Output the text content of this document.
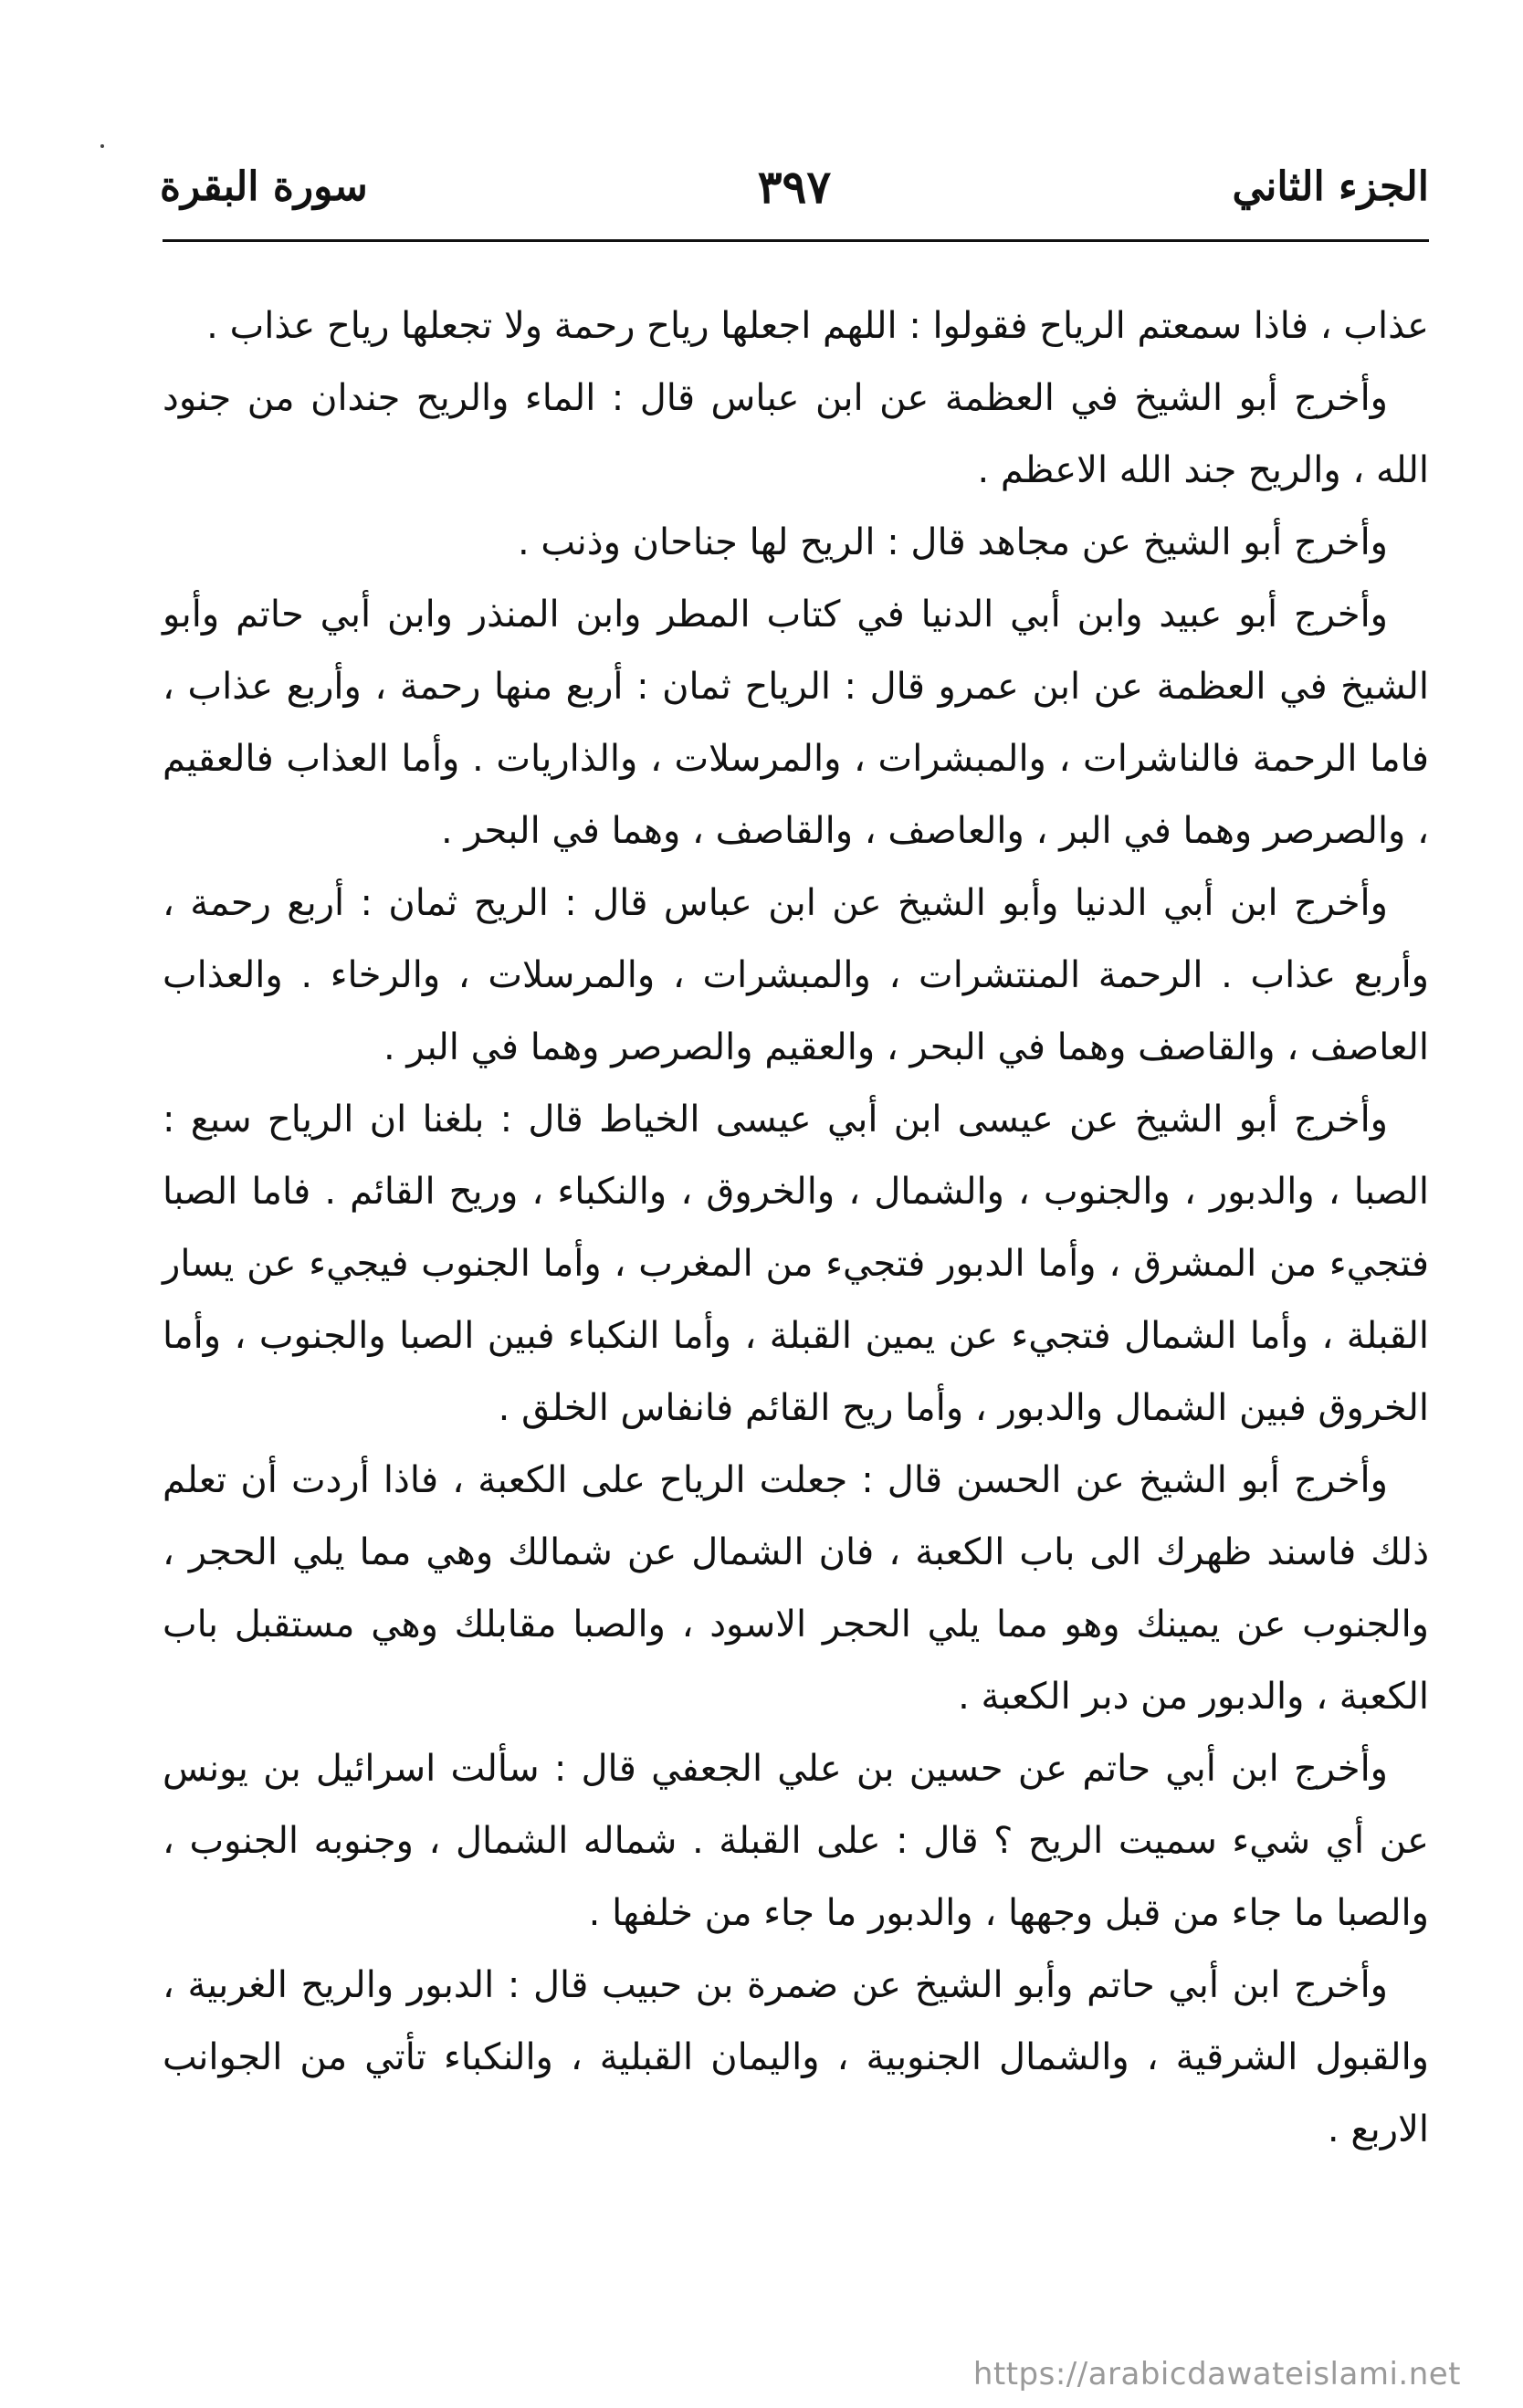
الجزء الثاني
٣٩٧
سورة البقرة

عذاب ، فاذا سمعتم الرياح فقولوا : اللهم اجعلها رياح رحمة ولا تجعلها رياح عذاب .

وأخرج أبو الشيخ في العظمة عن ابن عباس قال : الماء والريح جندان من جنود الله ، والريح جند الله الاعظم .

وأخرج أبو الشيخ عن مجاهد قال : الريح لها جناحان وذنب .

وأخرج أبو عبيد وابن أبي الدنيا في كتاب المطر وابن المنذر وابن أبي حاتم وأبو الشيخ في العظمة عن ابن عمرو قال : الرياح ثمان : أربع منها رحمة ، وأربع عذاب ، فاما الرحمة فالناشرات ، والمبشرات ، والمرسلات ، والذاريات . وأما العذاب فالعقيم ، والصرصر وهما في البر ، والعاصف ، والقاصف ، وهما في البحر .

وأخرج ابن أبي الدنيا وأبو الشيخ عن ابن عباس قال : الريح ثمان : أربع رحمة ، وأربع عذاب . الرحمة المنتشرات ، والمبشرات ، والمرسلات ، والرخاء . والعذاب العاصف ، والقاصف وهما في البحر ، والعقيم والصرصر وهما في البر .

وأخرج أبو الشيخ عن عيسى ابن أبي عيسى الخياط قال : بلغنا ان الرياح سبع : الصبا ، والدبور ، والجنوب ، والشمال ، والخروق ، والنكباء ، وريح القائم . فاما الصبا فتجيء من المشرق ، وأما الدبور فتجيء من المغرب ، وأما الجنوب فيجيء عن يسار القبلة ، وأما الشمال فتجيء عن يمين القبلة ، وأما النكباء فبين الصبا والجنوب ، وأما الخروق فبين الشمال والدبور ، وأما ريح القائم فانفاس الخلق .

وأخرج أبو الشيخ عن الحسن قال : جعلت الرياح على الكعبة ، فاذا أردت أن تعلم ذلك فاسند ظهرك الى باب الكعبة ، فان الشمال عن شمالك وهي مما يلي الحجر ، والجنوب عن يمينك وهو مما يلي الحجر الاسود ، والصبا مقابلك وهي مستقبل باب الكعبة ، والدبور من دبر الكعبة .

وأخرج ابن أبي حاتم عن حسين بن علي الجعفي قال : سألت اسرائيل بن يونس عن أي شيء سميت الريح ؟ قال : على القبلة . شماله الشمال ، وجنوبه الجنوب ، والصبا ما جاء من قبل وجهها ، والدبور ما جاء من خلفها .

وأخرج ابن أبي حاتم وأبو الشيخ عن ضمرة بن حبيب قال : الدبور والريح الغربية ، والقبول الشرقية ، والشمال الجنوبية ، واليمان القبلية ، والنكباء تأتي من الجوانب الاربع .

https://arabicdawateislami.net
